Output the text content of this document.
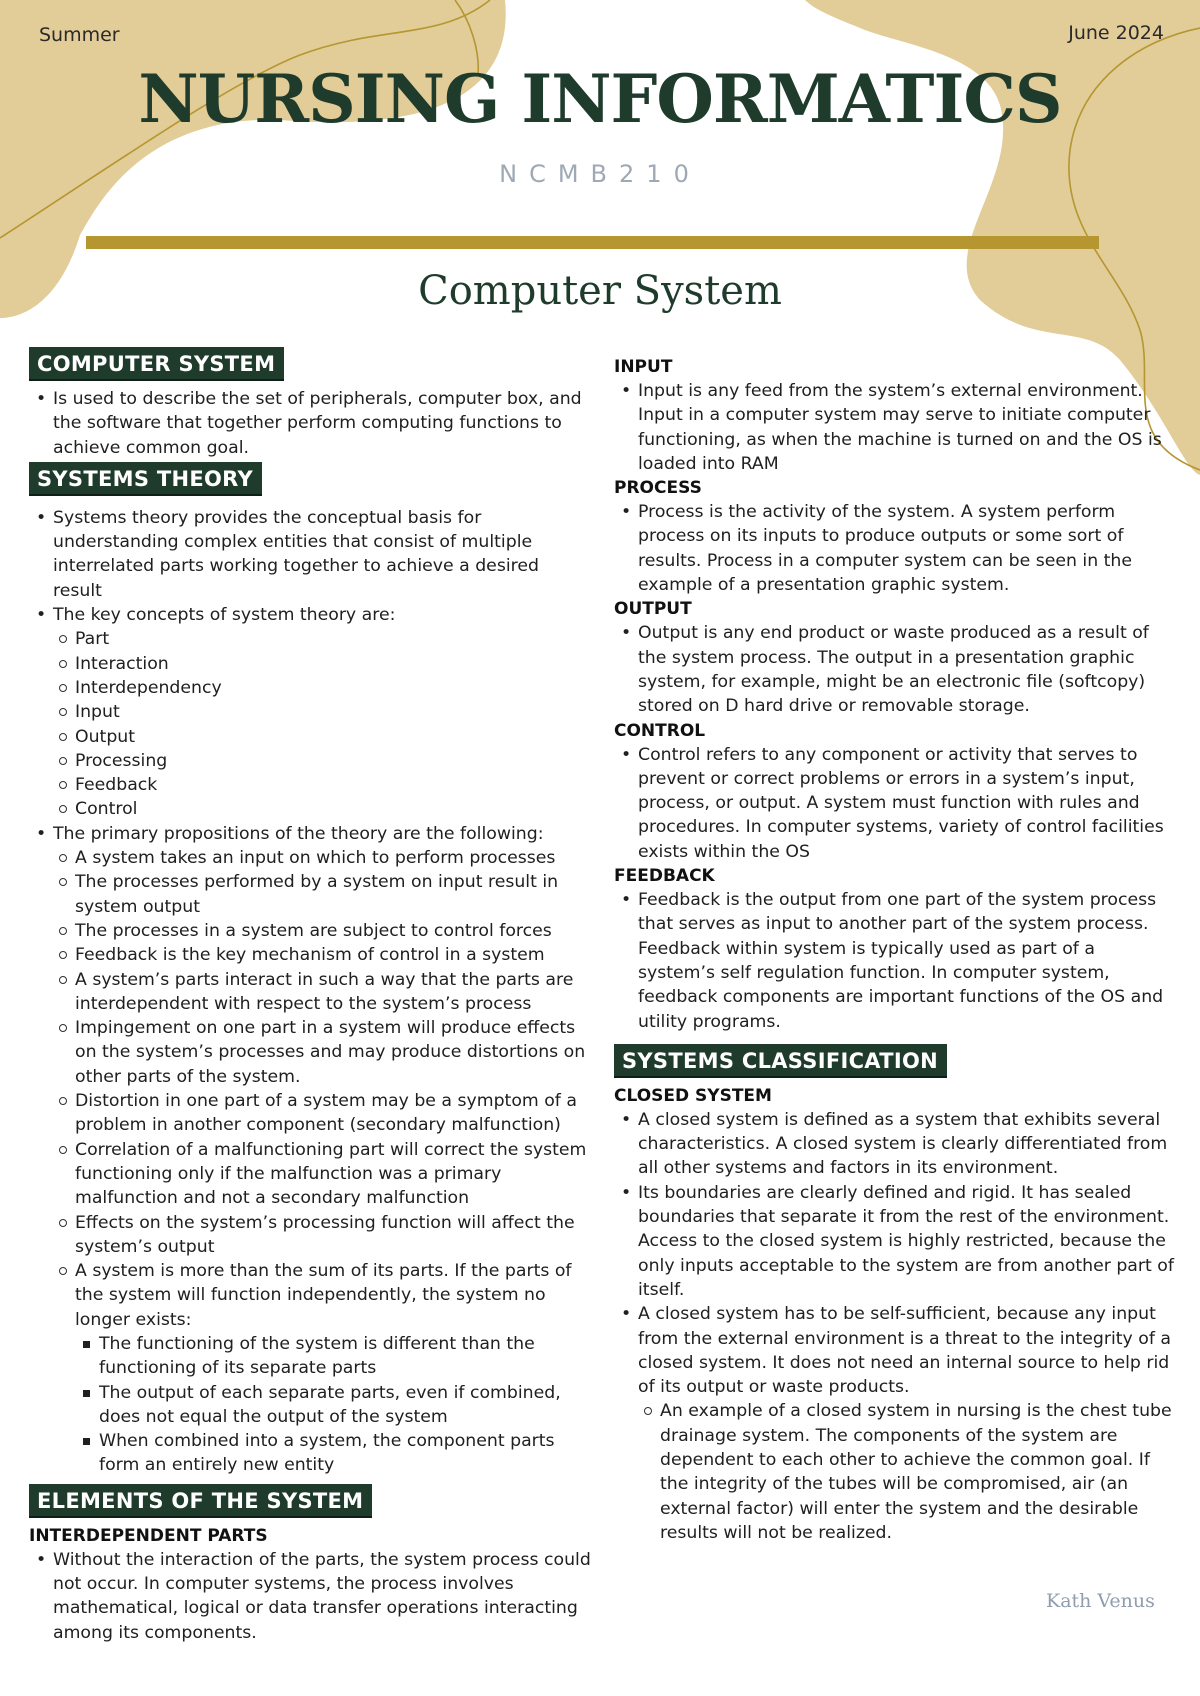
Summer	June 2024
NURSING INFORMATICS
NCMB210
Computer System
COMPUTER SYSTEM
• Is used to describe the set of peripherals, computer box, and the software that together perform computing functions to achieve common goal.
SYSTEMS THEORY
• Systems theory provides the conceptual basis for understanding complex entities that consist of multiple interrelated parts working together to achieve a desired result
• The key concepts of system theory are:
Part
Interaction
Interdependency
Input
Output
Processing
Feedback
Control
• The primary propositions of the theory are the following:
A system takes an input on which to perform processes
The processes performed by a system on input result in system output
The processes in a system are subject to control forces
Feedback is the key mechanism of control in a system
A system’s parts interact in such a way that the parts are interdependent with respect to the system’s process
Impingement on one part in a system will produce effects on the system’s processes and may produce distortions on other parts of the system.
Distortion in one part of a system may be a symptom of a problem in another component (secondary malfunction)
Correlation of a malfunctioning part will correct the system functioning only if the malfunction was a primary malfunction and not a secondary malfunction
Effects on the system’s processing function will affect the system’s output
A system is more than the sum of its parts. If the parts of the system will function independently, the system no longer exists:
The functioning of the system is different than the functioning of its separate parts
The output of each separate parts, even if combined, does not equal the output of the system
When combined into a system, the component parts form an entirely new entity
ELEMENTS OF THE SYSTEM
INTERDEPENDENT PARTS
• Without the interaction of the parts, the system process could not occur. In computer systems, the process involves mathematical, logical or data transfer operations interacting among its components.
INPUT
• Input is any feed from the system’s external environment. Input in a computer system may serve to initiate computer functioning, as when the machine is turned on and the OS is loaded into RAM
PROCESS
• Process is the activity of the system. A system perform process on its inputs to produce outputs or some sort of results. Process in a computer system can be seen in the example of a presentation graphic system.
OUTPUT
• Output is any end product or waste produced as a result of the system process. The output in a presentation graphic system, for example, might be an electronic file (softcopy) stored on D hard drive or removable storage.
CONTROL
• Control refers to any component or activity that serves to prevent or correct problems or errors in a system’s input, process, or output. A system must function with rules and procedures. In computer systems, variety of control facilities exists within the OS
FEEDBACK
• Feedback is the output from one part of the system process that serves as input to another part of the system process. Feedback within system is typically used as part of a system’s self regulation function. In computer system, feedback components are important functions of the OS and utility programs.
SYSTEMS CLASSIFICATION
CLOSED SYSTEM
• A closed system is defined as a system that exhibits several characteristics. A closed system is clearly differentiated from all other systems and factors in its environment.
• Its boundaries are clearly defined and rigid. It has sealed boundaries that separate it from the rest of the environment. Access to the closed system is highly restricted, because the only inputs acceptable to the system are from another part of itself.
• A closed system has to be self-sufficient, because any input from the external environment is a threat to the integrity of a closed system. It does not need an internal source to help rid of its output or waste products.
An example of a closed system in nursing is the chest tube drainage system. The components of the system are dependent to each other to achieve the common goal. If the integrity of the tubes will be compromised, air (an external factor) will enter the system and the desirable results will not be realized.
Kath Venus
